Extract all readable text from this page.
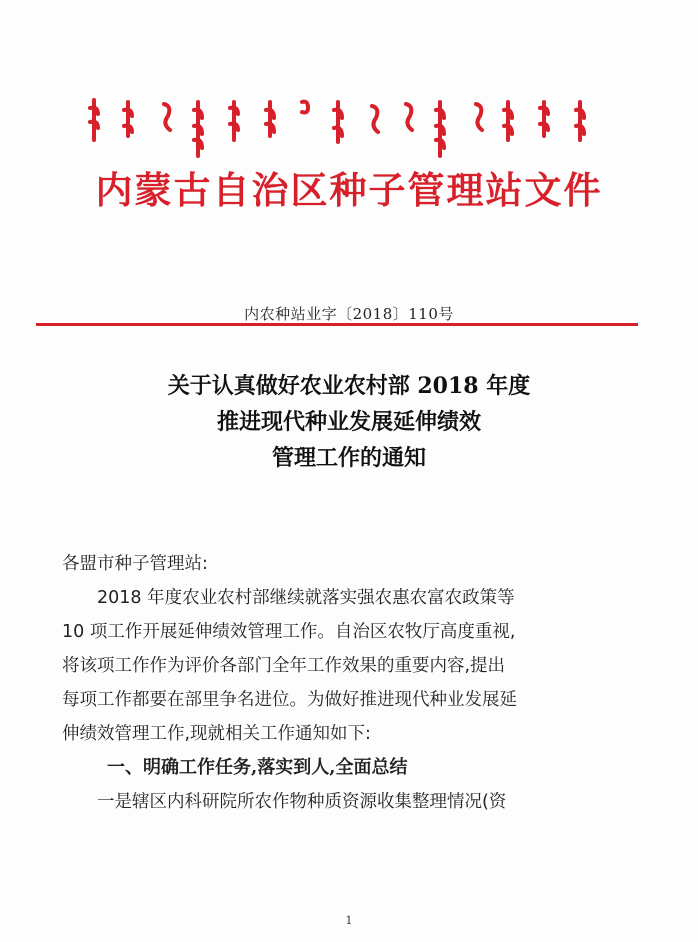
内蒙古自治区种子管理站文件
内农种站业字〔2018〕110号
关于认真做好农业农村部 2018 年度
推进现代种业发展延伸绩效
管理工作的通知
各盟市种子管理站:
2018 年度农业农村部继续就落实强农惠农富农政策等
10 项工作开展延伸绩效管理工作。自治区农牧厅高度重视,
将该项工作作为评价各部门全年工作效果的重要内容,提出
每项工作都要在部里争名进位。为做好推进现代种业发展延
伸绩效管理工作,现就相关工作通知如下:
一、明确工作任务,落实到人,全面总结
一是辖区内科研院所农作物种质资源收集整理情况(资
1
